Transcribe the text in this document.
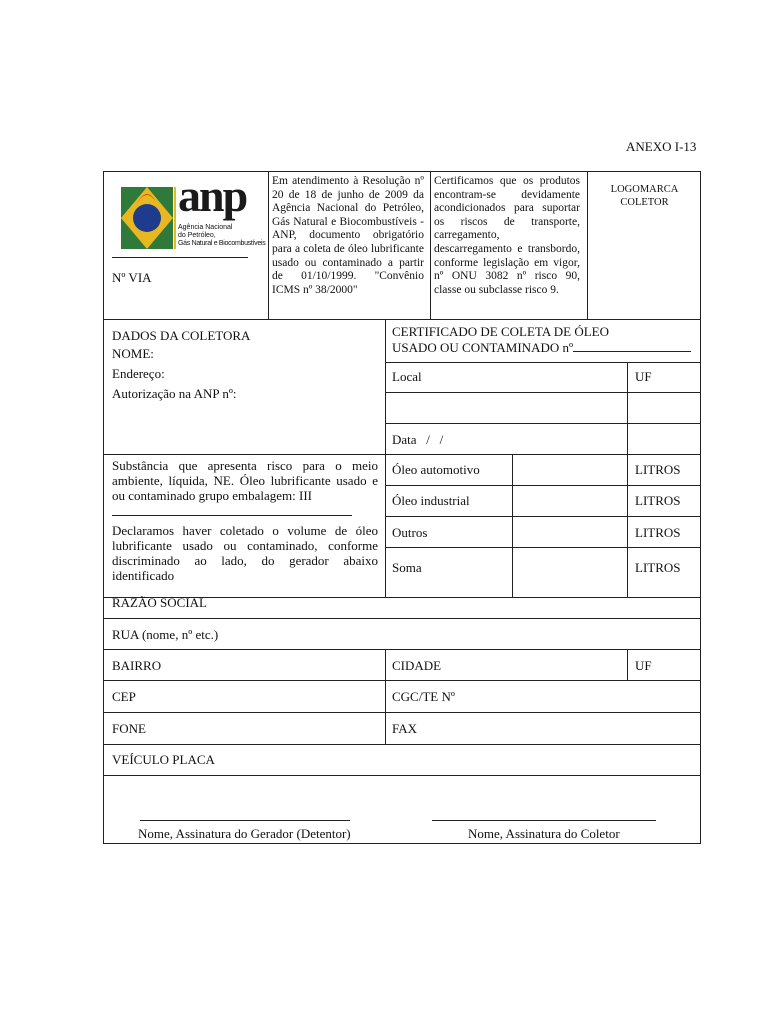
ANEXO I-13
anp
Agência Nacional
do Petróleo,
Gás Natural e Biocombustíveis
Nº VIA
Em atendimento à Resolução nº 20 de 18 de junho de 2009 da Agência Nacional do Petróleo, Gás Natural e Biocombustíveis - ANP, documento obrigatório para a coleta de óleo lubrificante usado ou contaminado a partir de 01/10/1999. "Convênio ICMS nº 38/2000"
Certificamos que os produtos encontram-se devidamente acondicionados para suportar os riscos de transporte, carregamento, descarregamento e transbordo, conforme legislação em vigor, nº ONU 3082 nº risco 90, classe ou subclasse risco 9.
LOGOMARCA COLETOR
DADOS DA COLETORA
NOME:
Endereço:
Autorização na ANP nº:
CERTIFICADO DE COLETA DE ÓLEO
USADO OU CONTAMINADO nº
Local	UF
Data   /   /
Substância que apresenta risco para o meio ambiente, líquida, NE. Óleo lubrificante usado e ou contaminado grupo embalagem: III
Declaramos haver coletado o volume de óleo lubrificante usado ou contaminado, conforme discriminado ao lado, do gerador abaixo identificado
Óleo automotivo	LITROS
Óleo industrial	LITROS
Outros	LITROS
Soma	LITROS
RAZÃO SOCIAL
RUA (nome, nº etc.)
BAIRRO	CIDADE	UF
CEP	CGC/TE Nº
FONE	FAX
VEÍCULO PLACA
Nome, Assinatura do Gerador (Detentor)	Nome, Assinatura do Coletor
